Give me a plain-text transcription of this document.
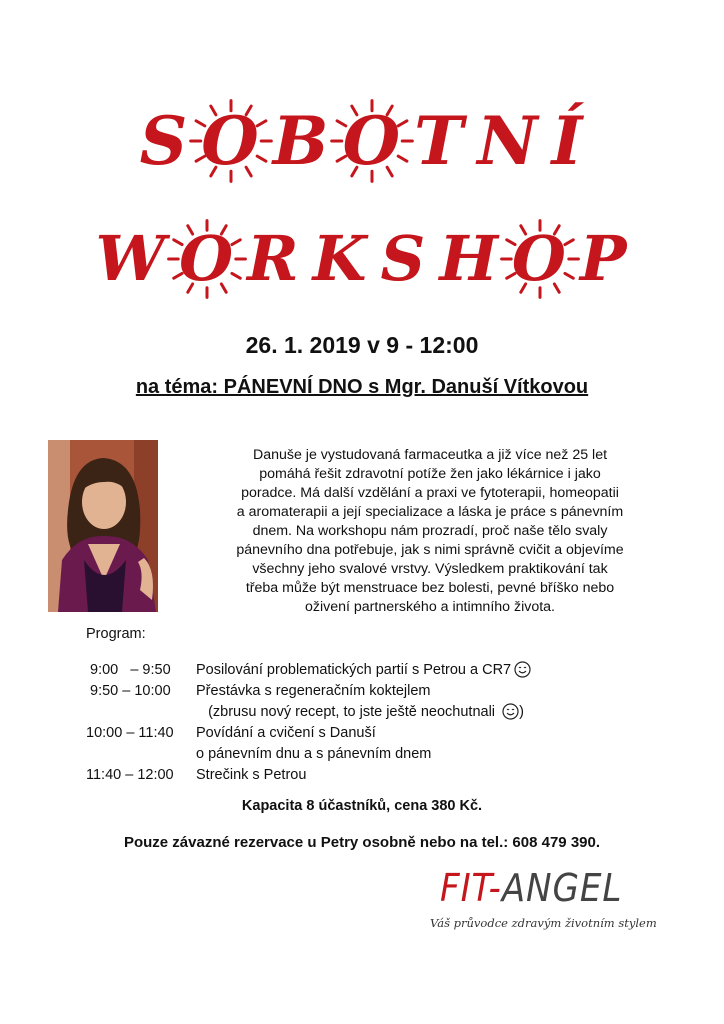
S O B O T N Í
W O R K S H O P
26. 1. 2019 v 9 - 12:00
na téma: PÁNEVNÍ DNO s Mgr. Danuší Vítkovou
Danuše je vystudovaná farmaceutka a již více než 25 let
pomáhá řešit zdravotní potíže žen jako lékárnice i jako
poradce. Má další vzdělání a praxi ve fytoterapii, homeopatii
a aromaterapii a její specializace a láska je práce s pánevním
dnem. Na workshopu nám prozradí, proč naše tělo svaly
pánevního dna potřebuje, jak s nimi správně cvičit a objevíme
všechny jeho svalové vrstvy. Výsledkem praktikování tak
třeba může být menstruace bez bolesti, pevné bříško nebo
oživení partnerského a intimního života.
Program:
9:00   – 9:50 Posilování problematických partií s Petrou a CR7
9:50 – 10:00 Přestávka s regeneračním koktejlem
(zbrusu nový recept, to jste ještě neochutnali )
10:00 – 11:40 Povídání a cvičení s Danuší
o pánevním dnu a s pánevním dnem
11:40 – 12:00 Strečink s Petrou
Kapacita 8 účastníků, cena 380 Kč.
Pouze závazné rezervace u Petry osobně nebo na tel.: 608 479 390.
FIT-ANGEL
Váš průvodce zdravým životním stylem
